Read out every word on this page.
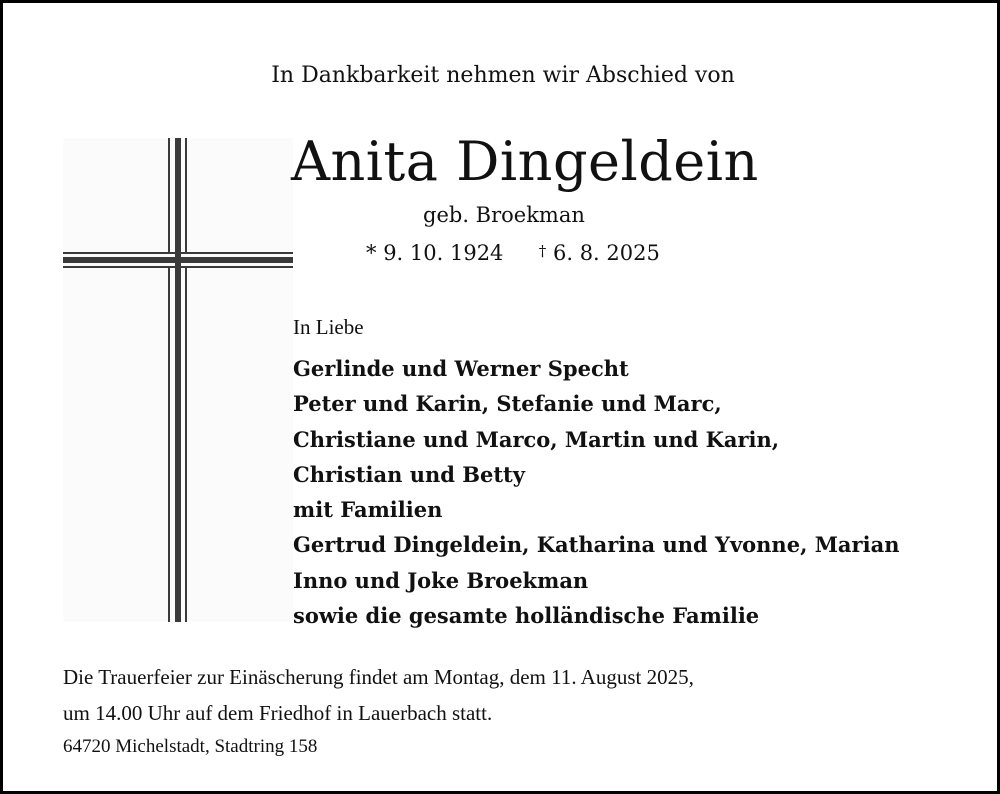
In Dankbarkeit nehmen wir Abschied von
Anita Dingeldein
geb. Broekman
* 9. 10. 1924 † 6. 8. 2025
In Liebe
Gerlinde und Werner Specht
Peter und Karin, Stefanie und Marc,
Christiane und Marco, Martin und Karin,
Christian und Betty
mit Familien
Gertrud Dingeldein, Katharina und Yvonne, Marian
Inno und Joke Broekman
sowie die gesamte holländische Familie
Die Trauerfeier zur Einäscherung findet am Montag, dem 11. August 2025,
um 14.00 Uhr auf dem Friedhof in Lauerbach statt.
64720 Michelstadt, Stadtring 158
